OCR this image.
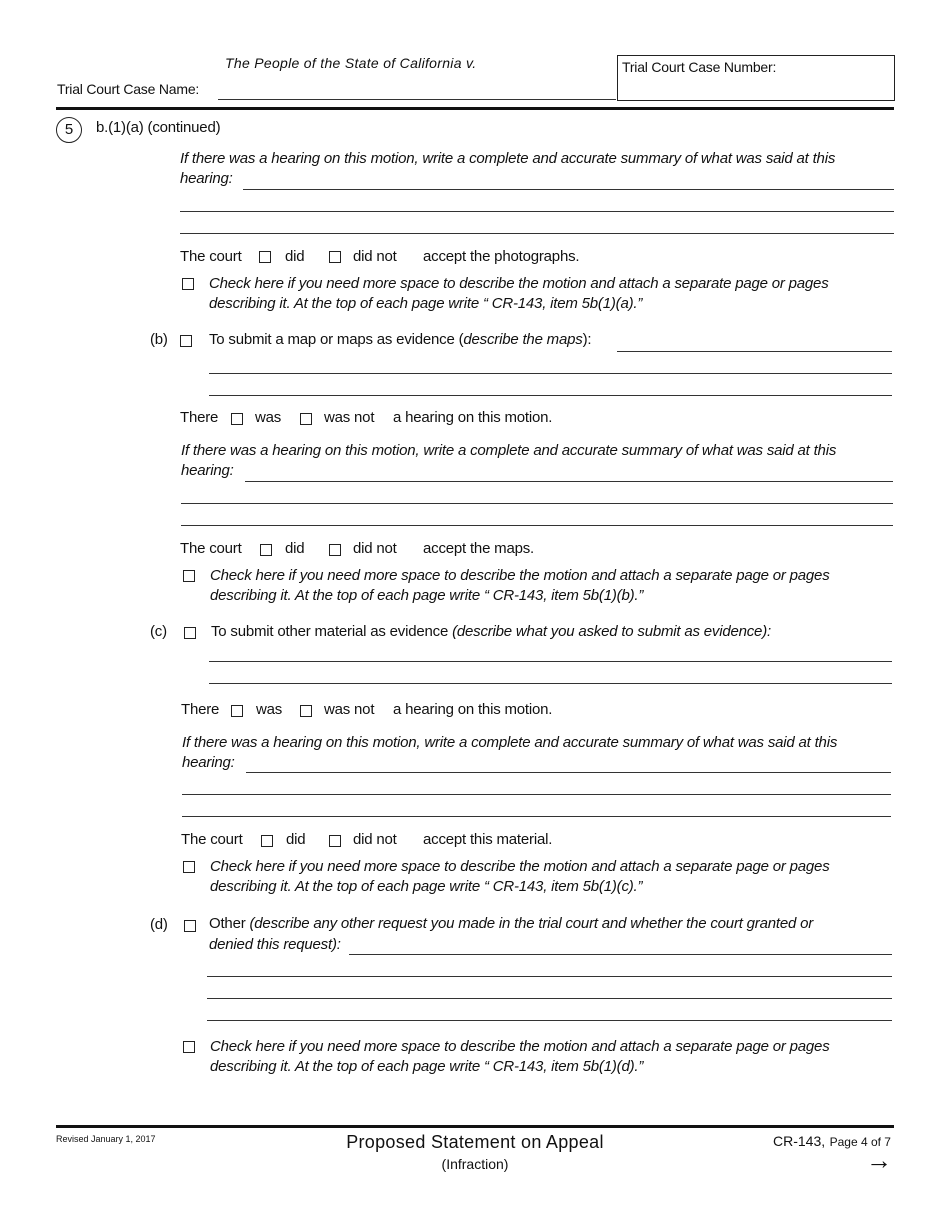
The People of the State of California v.
Trial Court Case Name:
Trial Court Case Number:
5	b.(1)(a) (continued)
If there was a hearing on this motion, write a complete and accurate summary of what was said at this
hearing:
The court	did	did not accept the photographs.
Check here if you need more space to describe the motion and attach a separate page or pages
describing it. At the top of each page write “ CR-143, item 5b(1)(a).”
(b)	To submit a map or maps as evidence (describe the maps):
There was	was not a hearing on this motion.
If there was a hearing on this motion, write a complete and accurate summary of what was said at this
hearing:
The court	did	did not accept the maps.
Check here if you need more space to describe the motion and attach a separate page or pages
describing it. At the top of each page write “ CR-143, item 5b(1)(b).”
(c)	To submit other material as evidence (describe what you asked to submit as evidence):
There was	was not a hearing on this motion.
If there was a hearing on this motion, write a complete and accurate summary of what was said at this
hearing:
The court	did	did not accept this material.
Check here if you need more space to describe the motion and attach a separate page or pages
describing it. At the top of each page write “ CR-143, item 5b(1)(c).”
(d)	Other (describe any other request you made in the trial court and whether the court granted or
denied this request):
Check here if you need more space to describe the motion and attach a separate page or pages
describing it. At the top of each page write “ CR-143, item 5b(1)(d).”
Revised January 1, 2017	Proposed Statement on Appeal
(Infraction)
CR-143, Page 4 of 7
→
